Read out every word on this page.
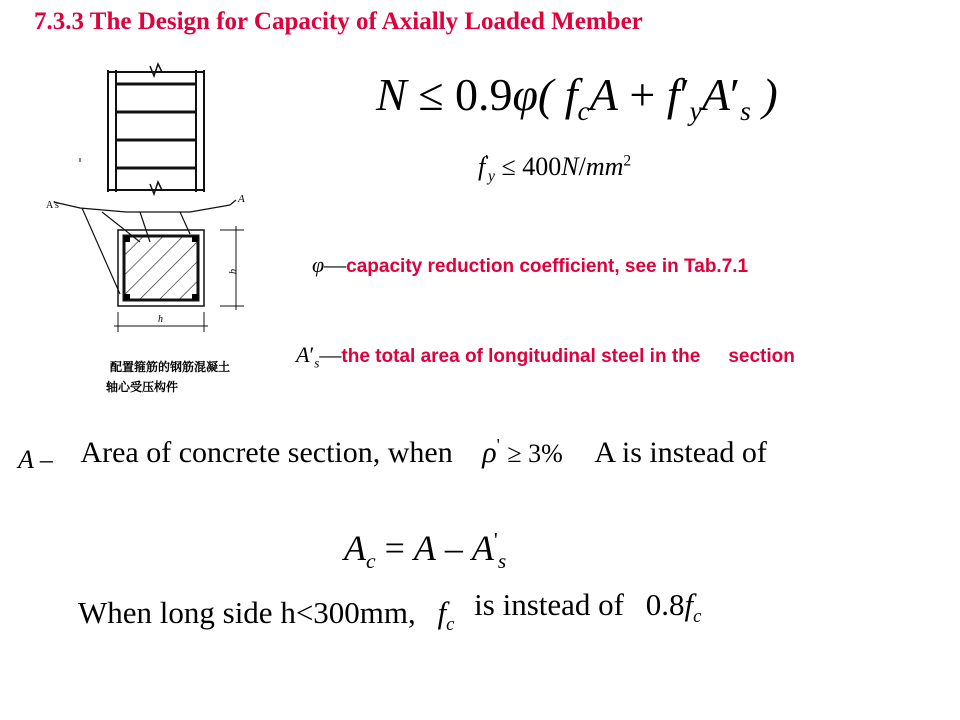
7.3.3 The Design for Capacity of Axially Loaded Member
A's
A
b
h
配置箍筋的钢筋混凝土
轴心受压构件
N ≤ 0.9φ( $f_cA + f'_yA'_s$ )
$f'_y \le 400N/mm^2$
φ—capacity reduction coefficient, see in Tab.7.1
$A'_s—the$ total area of longitudinal steel in the section
A – Area of concrete section, when ρ' ≥ 3% A is instead of
$A_c = A - A'_s$
When long side h<300mm, $f_c$ is instead of $0.8f_c$
